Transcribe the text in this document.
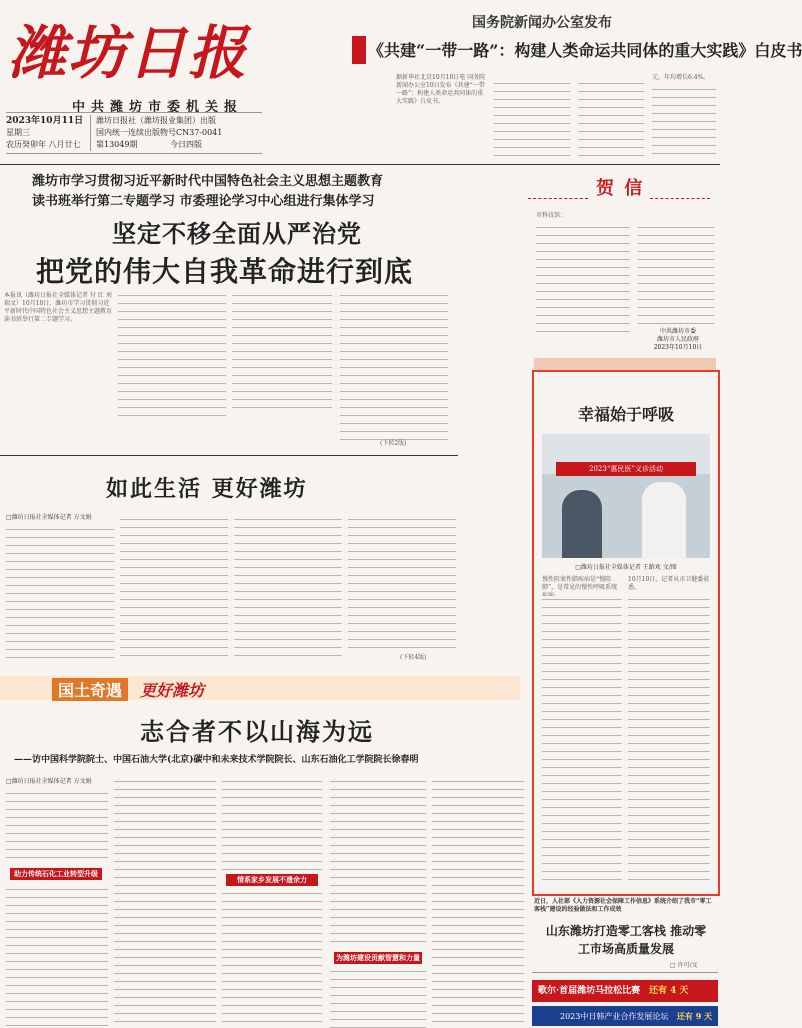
潍坊日报
中共潍坊市委机关报
2023年10月11日
星期三
农历癸卯年 八月廿七
潍坊日报社（潍坊报业集团）出版
国内统一连续出版物号CN37-0041
第13049期	今日四版
国务院新闻办公室发布
《共建“一带一路”：构建人类命运共同体的重大实践》白皮书
据新华社北京10月10日电 国务院新闻办公室10日发布《共建“一带一路”：构建人类命运共同体的重大实践》白皮书。
元，年均增长6.4%。
潍坊市学习贯彻习近平新时代中国特色社会主义思想主题教育
读书班举行第二专题学习 市委理论学习中心组进行集体学习
坚定不移全面从严治党
把党的伟大自我革命进行到底
本报讯（潍坊日报社全媒体记者 付 红 刘瑞文）10月10日，潍坊市学习贯彻习近平新时代中国特色社会主义思想主题教育读书班举行第二专题学习。
(下转2版)
贺 信
市科技馆：
中共潍坊市委
潍坊市人民政府
2023年10月10日
如此生活 更好潍坊
□潍坊日报社全媒体记者 方文娟
(下转4版)
幸福始于呼吸
2023“惠民医”义诊活动
□潍坊日报社全媒体记者 王路欢 文/图
慢性阻塞性肺疾病是“慢阻肺”，是常见的慢性呼吸系统
10月10日，记者从市卫健委获悉。
国土奇遇	更好潍坊
志合者不以山海为远
——访中国科学院院士、中国石油大学(北京)碳中和未来技术学院院长、山东石油化工学院院长徐春明
□潍坊日报社全媒体记者 方文娟
助力传统石化工业转型升级
情系家乡发展不遗余力
为潍坊建设贡献智慧和力量
近日，人社部《人力资源社会保障工作信息》系统介绍了我市“零工客栈”建设的经验做法和工作成效
山东潍坊打造零工客栈 推动零工市场高质量发展
□ 许可/文
歌尔·首届潍坊马拉松比赛 还有 4 天
2023中日韩产业合作发展论坛 还有 9 天
